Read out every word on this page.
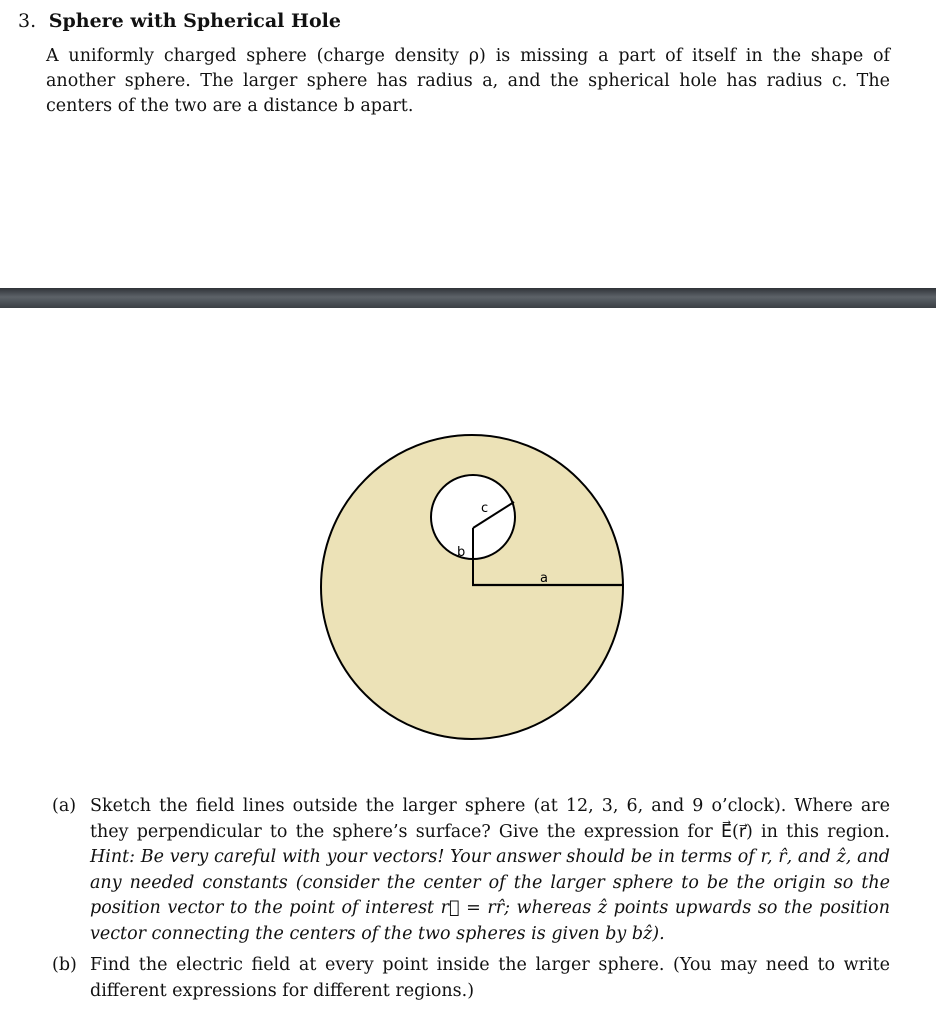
3. Sphere with Spherical Hole
A uniformly charged sphere (charge density ρ) is missing a part of itself in the shape of another sphere. The larger sphere has radius a, and the spherical hole has radius c. The centers of the two are a distance b apart.
c
b
a
(a) Sketch the field lines outside the larger sphere (at 12, 3, 6, and 9 o’clock). Where are they perpendicular to the sphere’s surface? Give the expression for E⃗(r⃗) in this region. Hint: Be very careful with your vectors! Your answer should be in terms of r, r̂, and ẑ, and any needed constants (consider the center of the larger sphere to be the origin so the position vector to the point of interest r⃗ = rr̂; whereas ẑ points upwards so the position vector connecting the centers of the two spheres is given by bẑ).
(b) Find the electric field at every point inside the larger sphere. (You may need to write different expressions for different regions.)
